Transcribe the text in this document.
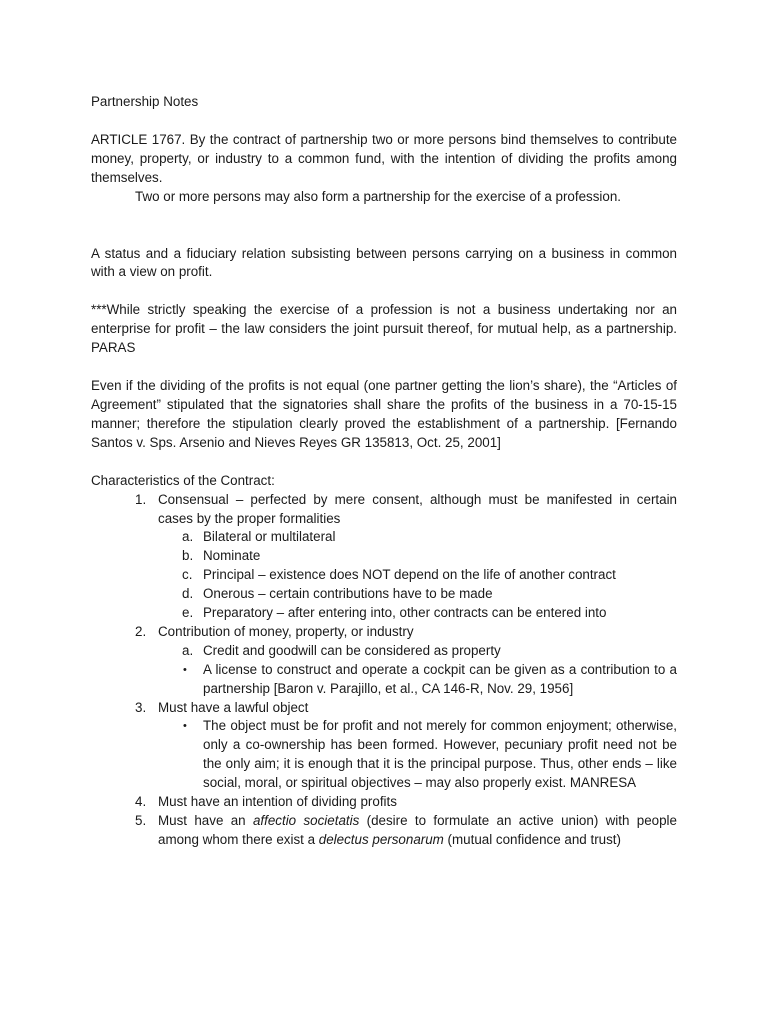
Partnership Notes

ARTICLE 1767. By the contract of partnership two or more persons bind themselves to contribute money, property, or industry to a common fund, with the intention of dividing the profits among themselves.

Two or more persons may also form a partnership for the exercise of a profession.

A status and a fiduciary relation subsisting between persons carrying on a business in common with a view on profit.

***While strictly speaking the exercise of a profession is not a business undertaking nor an enterprise for profit – the law considers the joint pursuit thereof, for mutual help, as a partnership. PARAS

Even if the dividing of the profits is not equal (one partner getting the lion’s share), the “Articles of Agreement” stipulated that the signatories shall share the profits of the business in a 70-15-15 manner; therefore the stipulation clearly proved the establishment of a partnership. [Fernando Santos v. Sps. Arsenio and Nieves Reyes GR 135813, Oct. 25, 2001]

Characteristics of the Contract:

1. Consensual – perfected by mere consent, although must be manifested in certain cases by the proper formalities

a. Bilateral or multilateral

b. Nominate

c. Principal – existence does NOT depend on the life of another contract

d. Onerous – certain contributions have to be made

e. Preparatory – after entering into, other contracts can be entered into

2. Contribution of money, property, or industry

a. Credit and goodwill can be considered as property

• A license to construct and operate a cockpit can be given as a contribution to a partnership [Baron v. Parajillo, et al., CA 146-R, Nov. 29, 1956]

3. Must have a lawful object

• The object must be for profit and not merely for common enjoyment; otherwise, only a co-ownership has been formed. However, pecuniary profit need not be the only aim; it is enough that it is the principal purpose. Thus, other ends – like social, moral, or spiritual objectives – may also properly exist. MANRESA

4. Must have an intention of dividing profits

5. Must have an affectio societatis (desire to formulate an active union) with people among whom there exist a delectus personarum (mutual confidence and trust)
